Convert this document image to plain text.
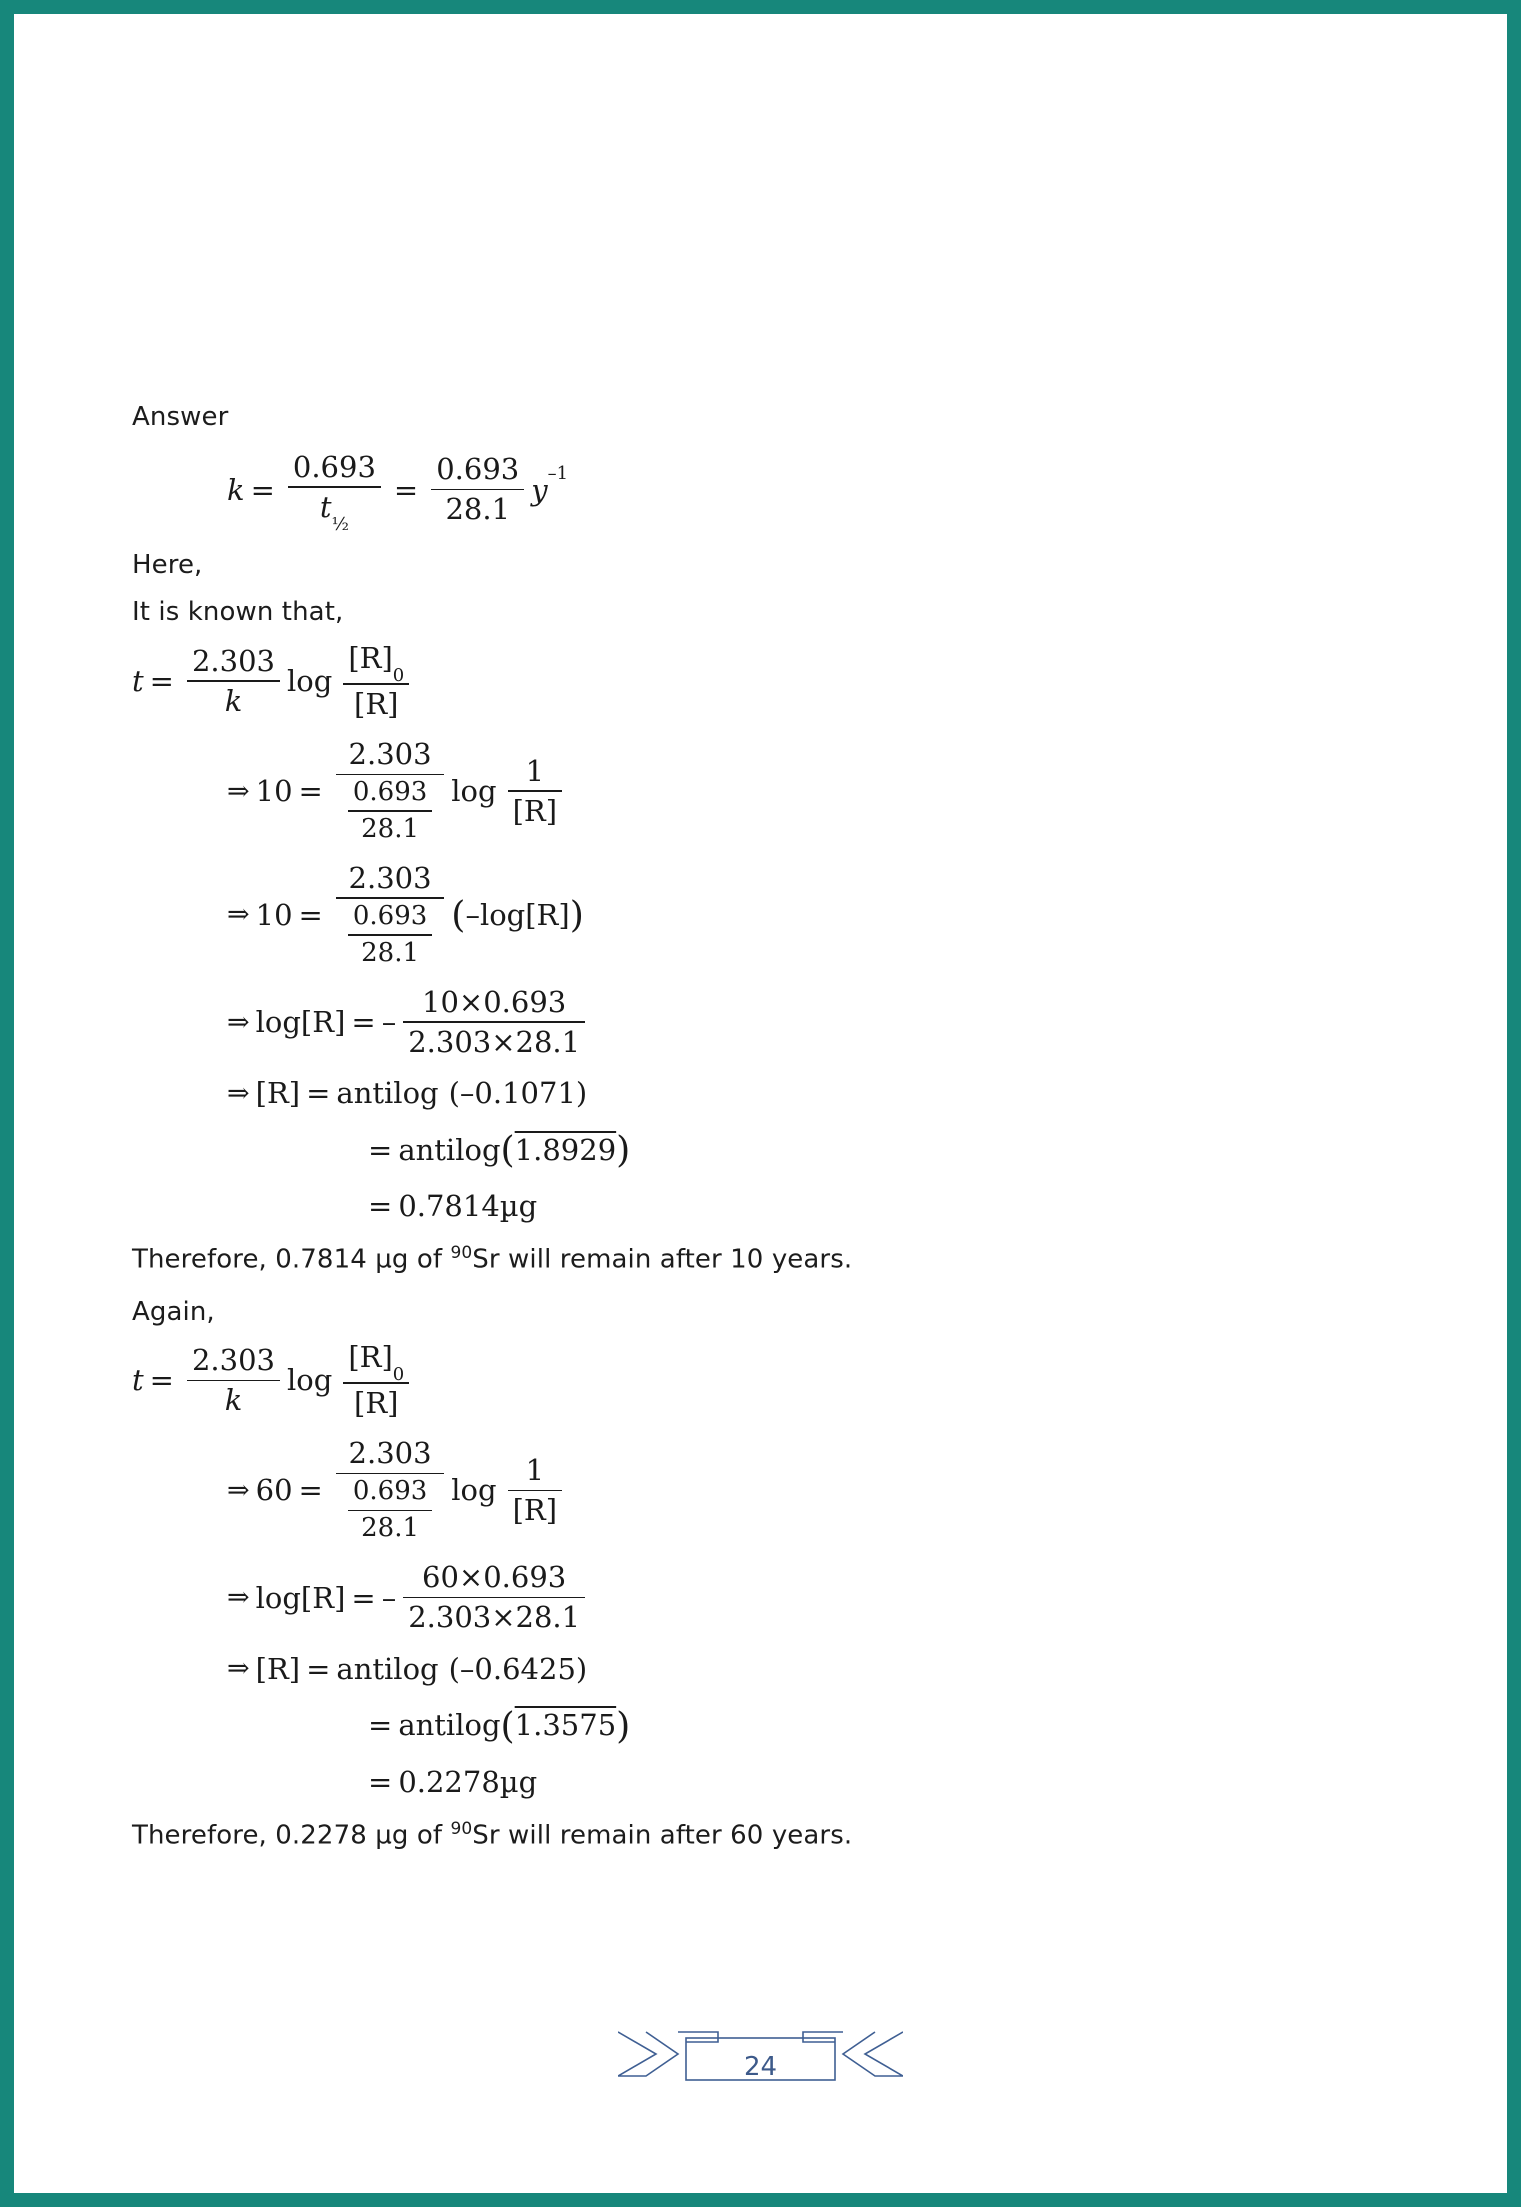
Answer

$k = \frac{0.693}{t_{\frac{1}{2}}} = \frac{0.693}{28.1} y^{-1}$

Here,

It is known that,

$t = \frac{2.303}{k}$ $\log \frac{[R]_0}{[R]}$
⇒ $10 = \frac{2.303}{\frac{0.693}{28.1}}$ $\log \frac{1}{[R]}$
⇒ $10 = \frac{2.303}{\frac{0.693}{28.1}}$ ( –log[R] )
⇒ log[R] = – $\frac{10\times 0.693}{2.303\times 28.1}$
⇒ [R] = antilog (–0.1071)
= antilog ( 1.8929 )
= 0.7814µg

Therefore, 0.7814 µg of $^{90}$Sr will remain after 10 years.

Again,

$t = \frac{2.303}{k}$ $\log \frac{[R]_0}{[R]}$
⇒ $60 = \frac{2.303}{\frac{0.693}{28.1}}$ $\log \frac{1}{[R]}$
⇒ log[R] = – $\frac{60\times 0.693}{2.303\times 28.1}$
⇒ [R] = antilog (–0.6425)
= antilog ( 1.3575 )
= 0.2278µg

Therefore, 0.2278 µg of $^{90}$Sr will remain after 60 years.

24
